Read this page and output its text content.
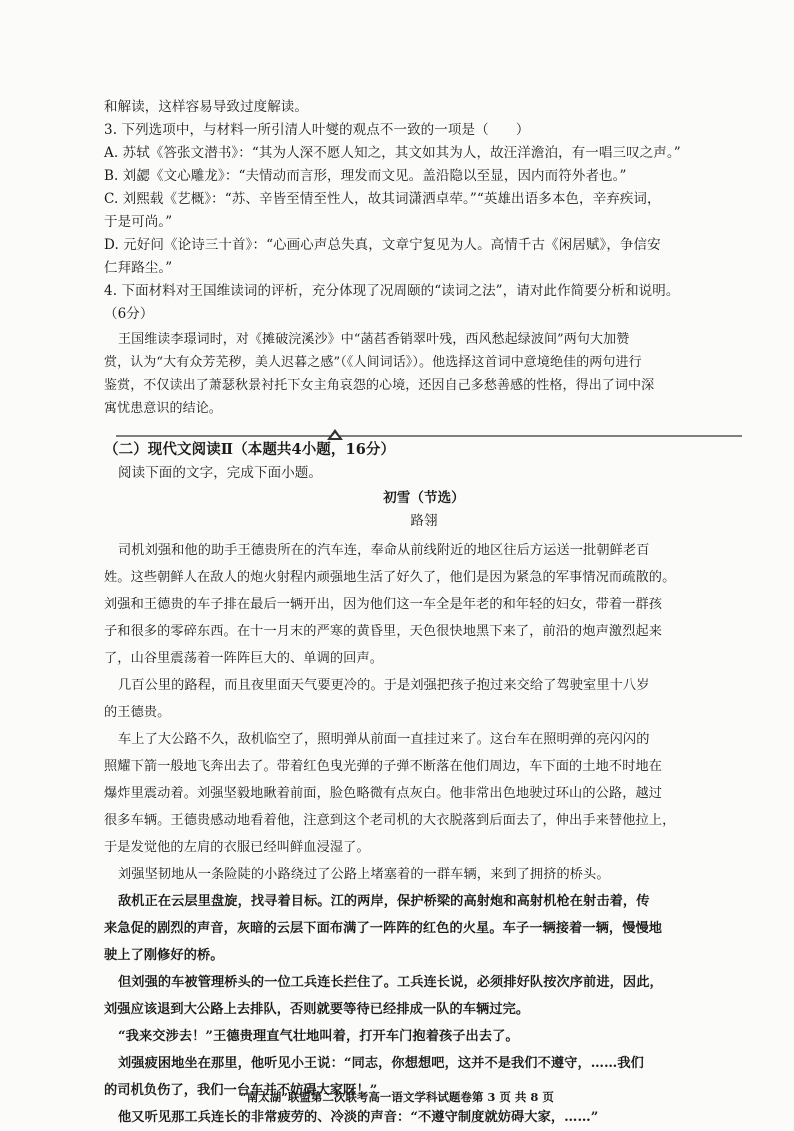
和解读，这样容易导致过度解读。

3. 下列选项中，与材料一所引清人叶燮的观点不一致的一项是（　　）

A. 苏轼《答张文潜书》：“其为人深不愿人知之，其文如其为人，故汪洋澹泊，有一唱三叹之声。”

B. 刘勰《文心雕龙》：“夫情动而言形，理发而文见。盖沿隐以至显，因内而符外者也。”

C. 刘熙载《艺概》：“苏、辛皆至情至性人，故其词潇洒卓荦。”“英雄出语多本色，辛弃疾词，

于是可尚。”

D. 元好问《论诗三十首》：“心画心声总失真，文章宁复见为人。高情千古《闲居赋》，争信安

仁拜路尘。”

4. 下面材料对王国维读词的评析，充分体现了况周颐的“读词之法”，请对此作简要分析和说明。

（6分）

王国维读李璟词时，对《摊破浣溪沙》中“菡萏香销翠叶残，西风愁起绿波间”两句大加赞

赏，认为“大有众芳芜秽，美人迟暮之感”（《人间词话》）。他选择这首词中意境绝佳的两句进行

鉴赏，不仅读出了萧瑟秋景衬托下女主角哀怨的心境，还因自己多愁善感的性格，得出了词中深

寓忧患意识的结论。

（二）现代文阅读Ⅱ（本题共4小题，16分）

阅读下面的文字，完成下面小题。

初雪（节选）

路翎

司机刘强和他的助手王德贵所在的汽车连，奉命从前线附近的地区往后方运送一批朝鲜老百

姓。这些朝鲜人在敌人的炮火射程内顽强地生活了好久了，他们是因为紧急的军事情况而疏散的。

刘强和王德贵的车子排在最后一辆开出，因为他们这一车全是年老的和年轻的妇女，带着一群孩

子和很多的零碎东西。在十一月末的严寒的黄昏里，天色很快地黑下来了，前沿的炮声激烈起来

了，山谷里震荡着一阵阵巨大的、单调的回声。

几百公里的路程，而且夜里面天气要更冷的。于是刘强把孩子抱过来交给了驾驶室里十八岁

的王德贵。

车上了大公路不久，敌机临空了，照明弹从前面一直挂过来了。这台车在照明弹的亮闪闪的

照耀下箭一般地飞奔出去了。带着红色曳光弹的子弹不断落在他们周边，车下面的土地不时地在

爆炸里震动着。刘强坚毅地瞅着前面，脸色略微有点灰白。他非常出色地驶过环山的公路，越过

很多车辆。王德贵感动地看着他，注意到这个老司机的大衣脱落到后面去了，伸出手来替他拉上，

于是发觉他的左肩的衣服已经叫鲜血浸湿了。

刘强坚韧地从一条险陡的小路绕过了公路上堵塞着的一群车辆，来到了拥挤的桥头。

敌机正在云层里盘旋，找寻着目标。江的两岸，保护桥梁的高射炮和高射机枪在射击着，传

来急促的剧烈的声音，灰暗的云层下面布满了一阵阵的红色的火星。车子一辆接着一辆，慢慢地

驶上了刚修好的桥。

但刘强的车被管理桥头的一位工兵连长拦住了。工兵连长说，必须排好队按次序前进，因此，

刘强应该退到大公路上去排队，否则就要等待已经排成一队的车辆过完。

“我来交涉去！”王德贵理直气壮地叫着，打开车门抱着孩子出去了。

刘强疲困地坐在那里，他听见小王说：“同志，你想想吧，这并不是我们不遵守，……我们

的司机负伤了，我们一台车并不妨碍大家呀！”

他又听见那工兵连长的非常疲劳的、冷淡的声音：“不遵守制度就妨碍大家，……”

“南太湖”联盟第二次联考高一语文学科试题卷第 3 页 共 8 页
